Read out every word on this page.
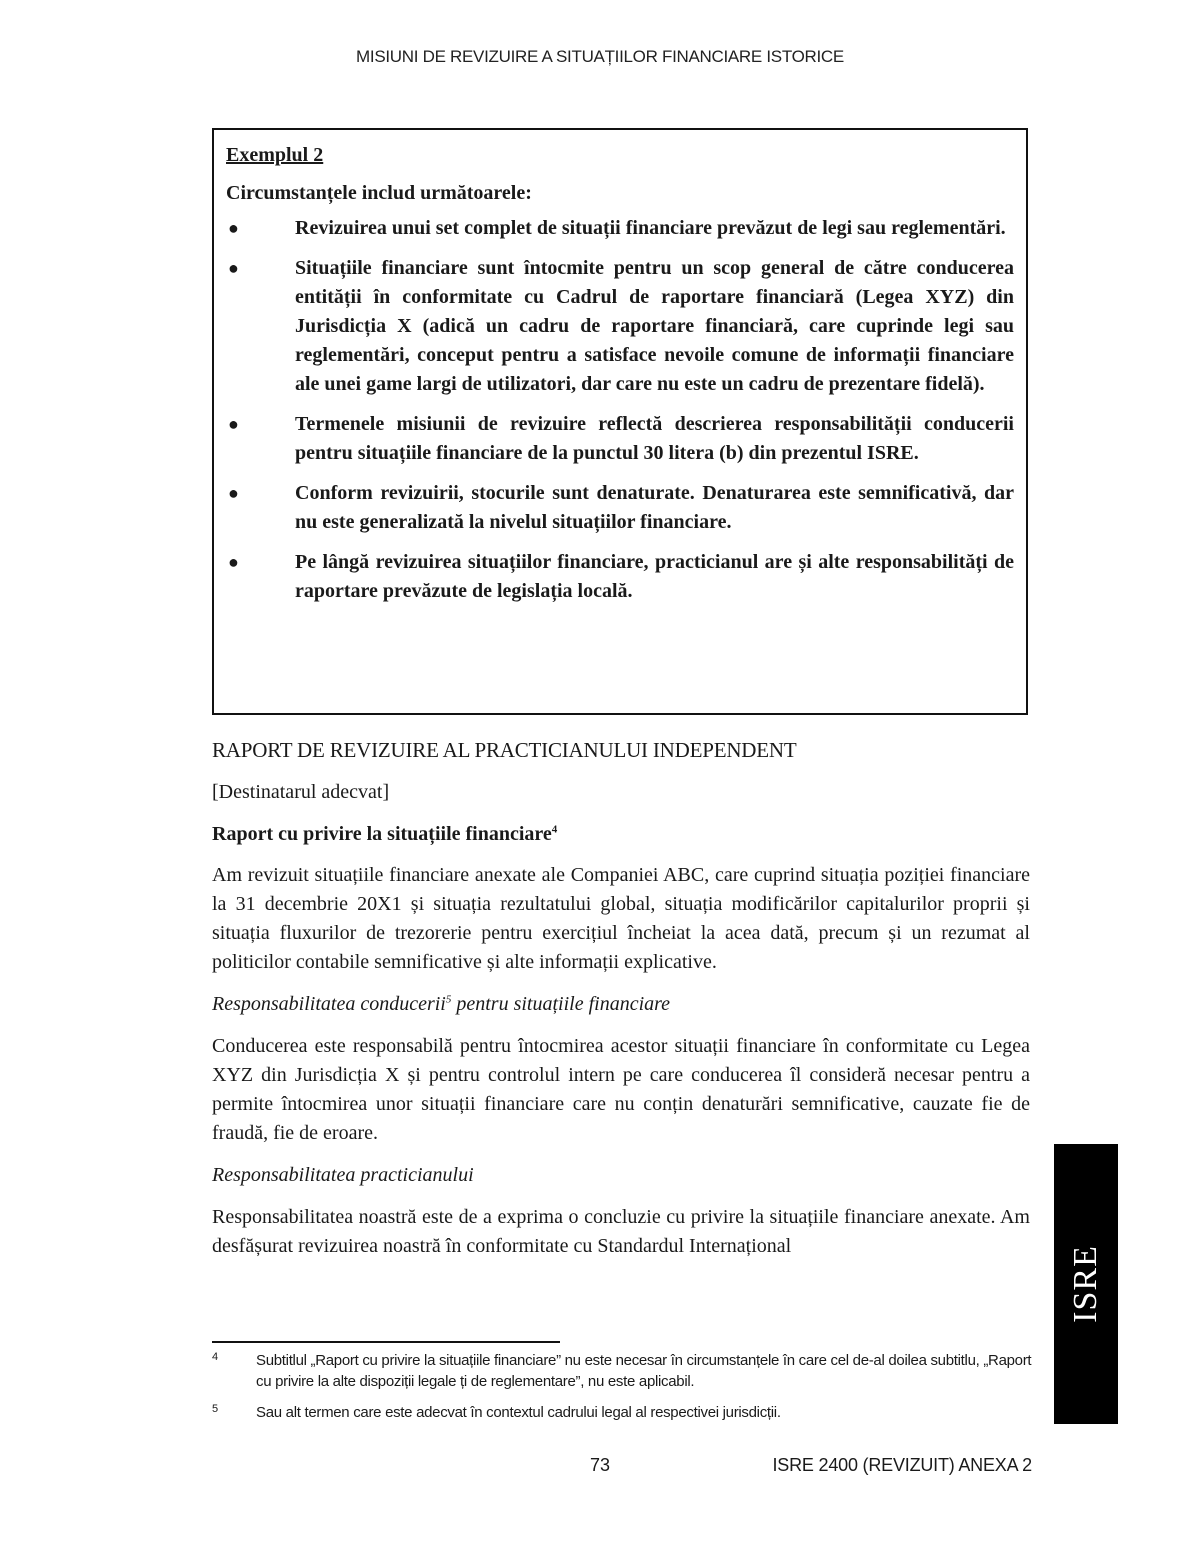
MISIUNI DE REVIZUIRE A SITUAȚIILOR FINANCIARE ISTORICE

Exemplul 2

Circumstanțele includ următoarele:

●	Revizuirea unui set complet de situații financiare prevăzut de legi sau reglementări.
●	Situațiile financiare sunt întocmite pentru un scop general de către conducerea entității în conformitate cu Cadrul de raportare financiară (Legea XYZ) din Jurisdicția X (adică un cadru de raportare financiară, care cuprinde legi sau reglementări, conceput pentru a satisface nevoile comune de informații financiare ale unei game largi de utilizatori, dar care nu este un cadru de prezentare fidelă).
●	Termenele misiunii de revizuire reflectă descrierea responsabilității conducerii pentru situațiile financiare de la punctul 30 litera (b) din prezentul ISRE.
●	Conform revizuirii, stocurile sunt denaturate. Denaturarea este semnificativă, dar nu este generalizată la nivelul situațiilor financiare.
●	Pe lângă revizuirea situațiilor financiare, practicianul are și alte responsabilități de raportare prevăzute de legislația locală.

RAPORT DE REVIZUIRE AL PRACTICIANULUI INDEPENDENT

[Destinatarul adecvat]

Raport cu privire la situațiile financiare$^4$

Am revizuit situațiile financiare anexate ale Companiei ABC, care cuprind situația poziției financiare la 31 decembrie 20X1 și situația rezultatului global, situația modificărilor capitalurilor proprii și situația fluxurilor de trezorerie pentru exercițiul încheiat la acea dată, precum și un rezumat al politicilor contabile semnificative și alte informații explicative.

Responsabilitatea conducerii$^5$ pentru situațiile financiare

Conducerea este responsabilă pentru întocmirea acestor situații financiare în conformitate cu Legea XYZ din Jurisdicția X și pentru controlul intern pe care conducerea îl consideră necesar pentru a permite întocmirea unor situații financiare care nu conțin denaturări semnificative, cauzate fie de fraudă, fie de eroare.

Responsabilitatea practicianului

Responsabilitatea noastră este de a exprima o concluzie cu privire la situațiile financiare anexate. Am desfășurat revizuirea noastră în conformitate cu Standardul Internațional

4	Subtitlul „Raport cu privire la situațiile financiare” nu este necesar în circumstanțele în care cel de-al doilea subtitlu, „Raport cu privire la alte dispoziții legale ți de reglementare”, nu este aplicabil.
5	Sau alt termen care este adecvat în contextul cadrului legal al respectivei jurisdicții.
73	ISRE 2400 (REVIZUIT) ANEXA 2
ISRE
